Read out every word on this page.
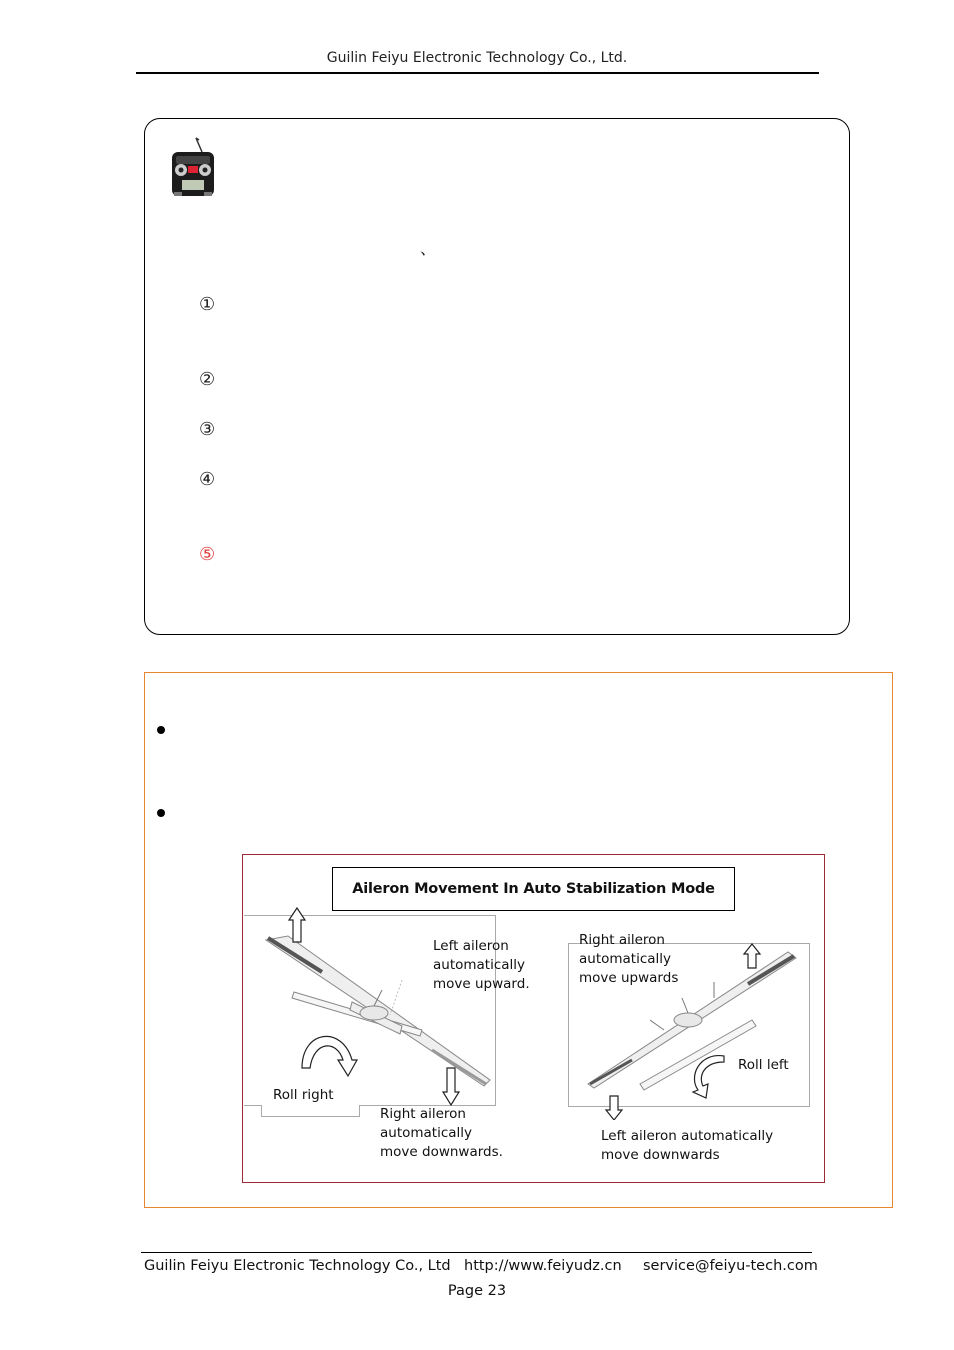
Guilin Feiyu Electronic Technology Co., Ltd.
、
①
②
③
④
⑤
Aileron Movement In Auto Stabilization Mode
Left aileron
automatically
move upward.
Roll right
Right aileron
automatically
move downwards.
Right aileron
automatically
move upwards
Roll left
Left aileron automatically
move downwards
Guilin Feiyu Electronic Technology Co., Ltd http://www.feiyudz.cn service@feiyu-tech.com
Page 23
